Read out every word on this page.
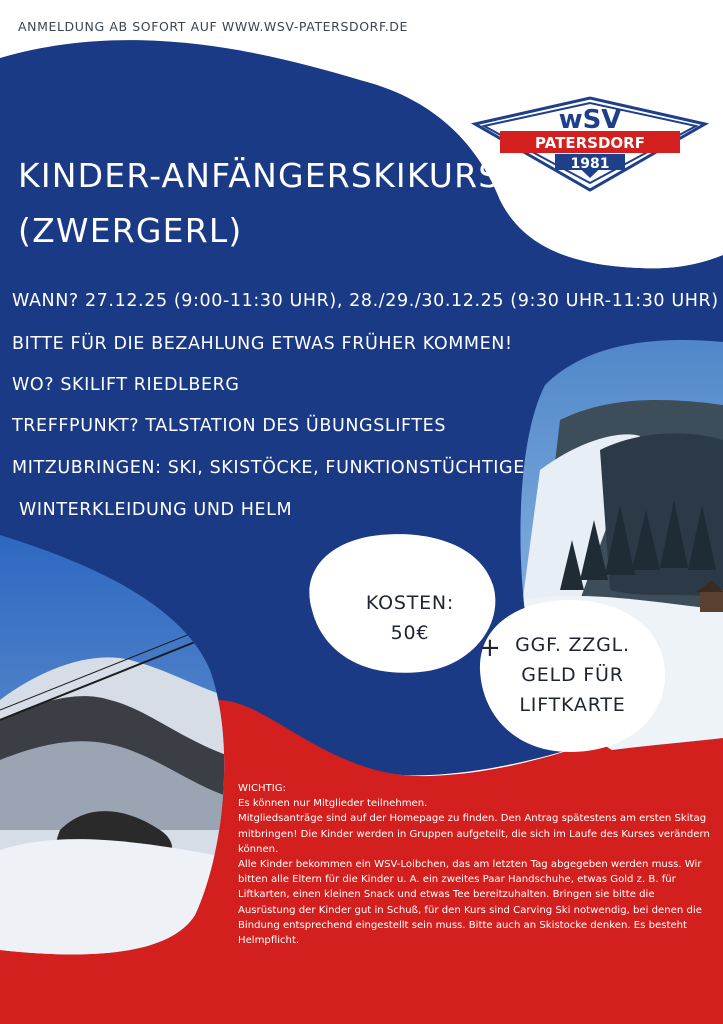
wSV
PATERSDORF
1981
ANMELDUNG AB SOFORT AUF WWW.WSV-PATERSDORF.DE
KINDER-ANFÄNGERSKIKURS
(ZWERGERL)
WANN? 27.12.25 (9:00-11:30 UHR), 28./29./30.12.25 (9:30 UHR-11:30 UHR)
BITTE FÜR DIE BEZAHLUNG ETWAS FRÜHER KOMMEN!
WO? SKILIFT RIEDLBERG
TREFFPUNKT? TALSTATION DES ÜBUNGSLIFTES
MITZUBRINGEN: SKI, SKISTÖCKE, FUNKTIONSTÜCHTIGE
WINTERKLEIDUNG UND HELM
KOSTEN:
50€	+ GGF. ZZGL.
GELD FÜR
LIFTKARTE

WICHTIG:

Es können nur Mitglieder teilnehmen.

Mitgliedsanträge sind auf der Homepage zu finden. Den Antrag spätestens am ersten Skitag mitbringen! Die Kinder werden in Gruppen aufgeteilt, die sich im Laufe des Kurses verändern können.

Alle Kinder bekommen ein WSV-Loibchen, das am letzten Tag abgegeben werden muss. Wir bitten alle Eltern für die Kinder u. A. ein zweites Paar Handschuhe, etwas Gold z. B. für Liftkarten, einen kleinen Snack und etwas Tee bereitzuhalten. Bringen sie bitte die Ausrüstung der Kinder gut in Schuß, für den Kurs sind Carving Ski notwendig, bei denen die Bindung entsprechend eingestellt sein muss. Bitte auch an Skistocke denken. Es besteht Helmpflicht.
